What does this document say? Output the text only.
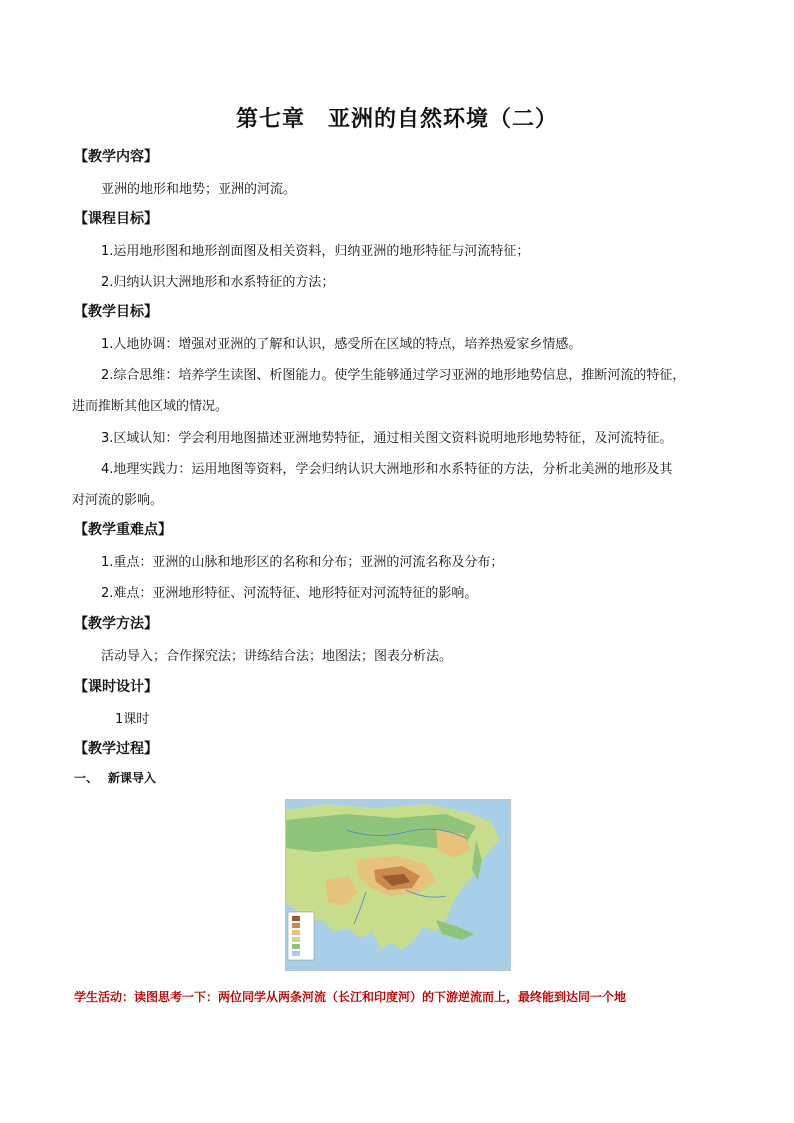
第七章　亚洲的自然环境（二）
【教学内容】
亚洲的地形和地势；亚洲的河流。
【课程目标】
1.运用地形图和地形剖面图及相关资料，归纳亚洲的地形特征与河流特征；
2.归纳认识大洲地形和水系特征的方法；
【教学目标】
1.人地协调：增强对亚洲的了解和认识，感受所在区域的特点，培养热爱家乡情感。
2.综合思维：培养学生读图、析图能力。使学生能够通过学习亚洲的地形地势信息，推断河流的特征，
进而推断其他区域的情况。
3.区域认知：学会利用地图描述亚洲地势特征，通过相关图文资料说明地形地势特征，及河流特征。
4.地理实践力：运用地图等资料，学会归纳认识大洲地形和水系特征的方法，分析北美洲的地形及其
对河流的影响。
【教学重难点】
1.重点：亚洲的山脉和地形区的名称和分布；亚洲的河流名称及分布；
2.难点：亚洲地形特征、河流特征、地形特征对河流特征的影响。
【教学方法】
活动导入；合作探究法；讲练结合法；地图法；图表分析法。
【课时设计】
1课时
【教学过程】
一、 新课导入
学生活动：读图思考一下：两位同学从两条河流（长江和印度河）的下游逆流而上，最终能到达同一个地
